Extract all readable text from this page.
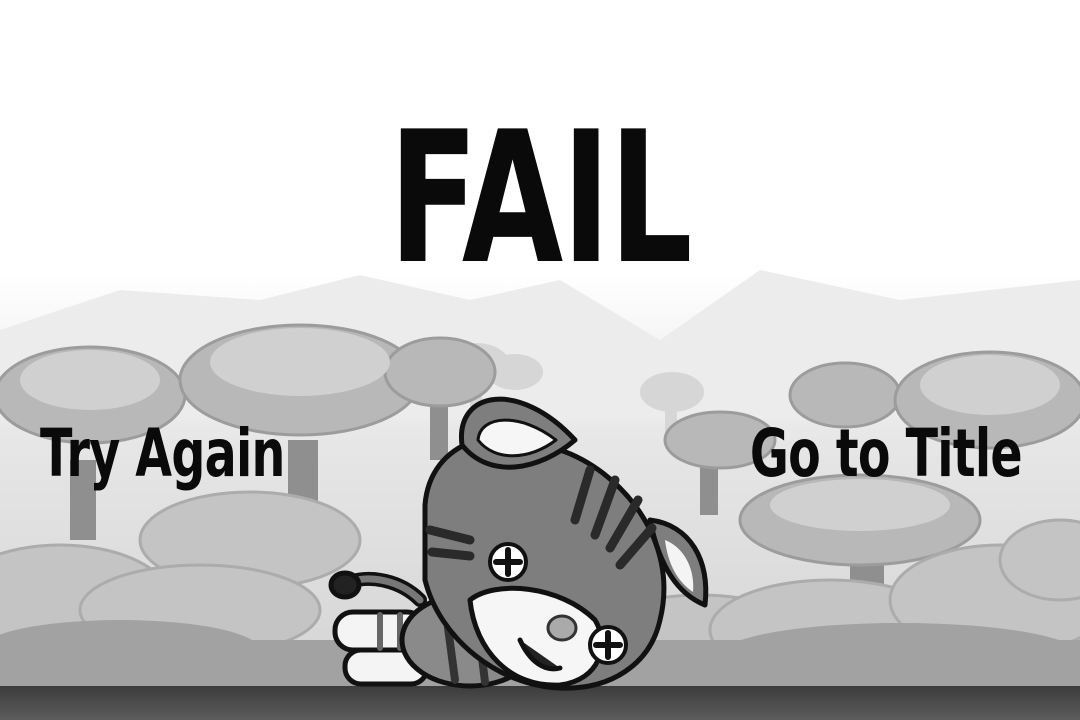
FAIL
Try Again	Go to Title
